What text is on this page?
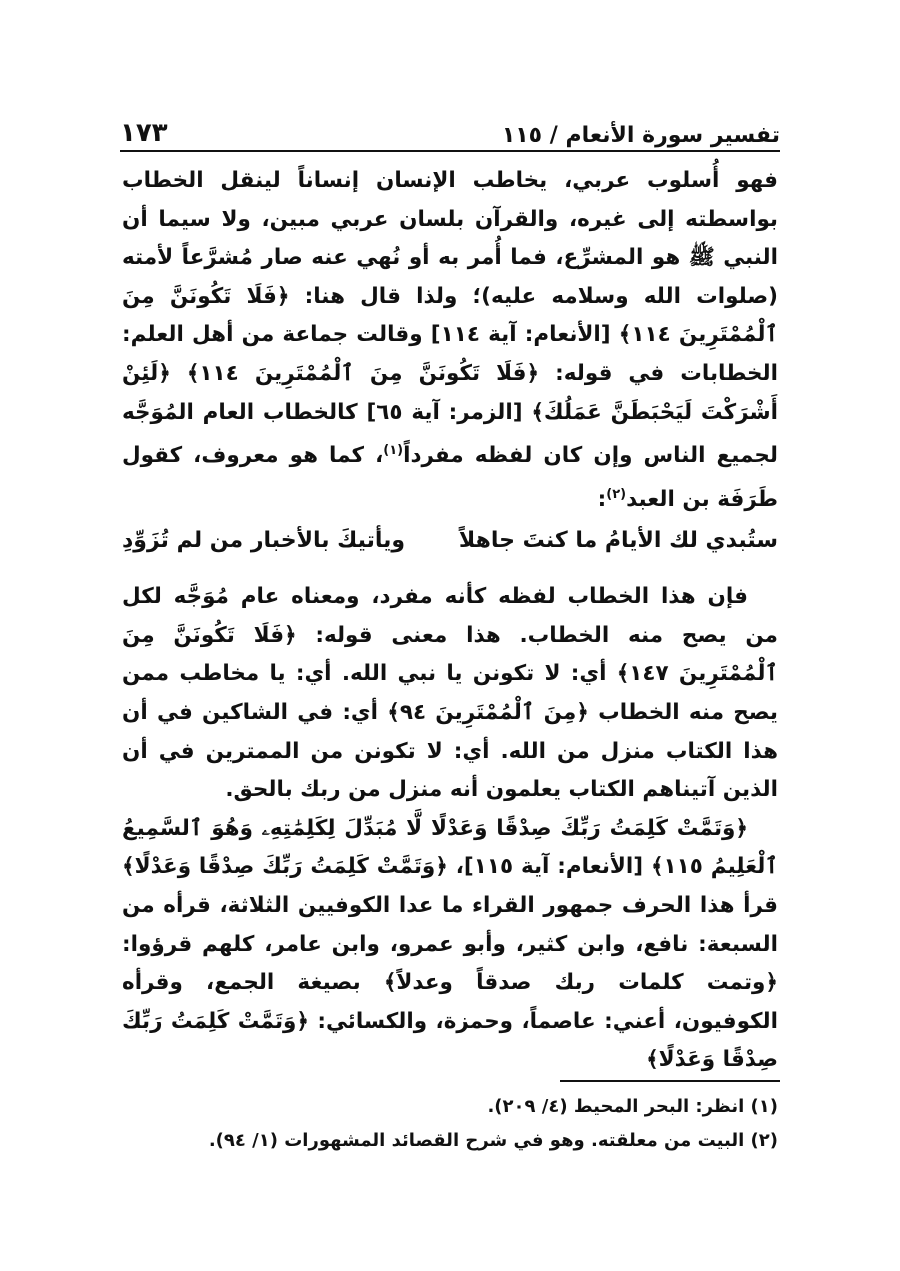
تفسير سورة الأنعام / ١١٥
١٧٣

فهو أُسلوب عربي، يخاطب الإنسان إنساناً لينقل الخطاب بواسطته إلى غيره، والقرآن بلسان عربي مبين، ولا سيما أن النبي ﷺ هو المشرِّع، فما أُمر به أو نُهي عنه صار مُشرَّعاً لأمته (صلوات الله وسلامه عليه)؛ ولذا قال هنا: ﴿فَلَا تَكُونَنَّ مِنَ ٱلْمُمْتَرِينَ ١١٤﴾ [الأنعام: آية ١١٤] وقالت جماعة من أهل العلم: الخطابات في قوله: ﴿فَلَا تَكُونَنَّ مِنَ ٱلْمُمْتَرِينَ ١١٤﴾ ﴿لَئِنْ أَشْرَكْتَ لَيَحْبَطَنَّ عَمَلُكَ﴾ [الزمر: آية ٦٥] كالخطاب العام المُوَجَّه لجميع الناس وإن كان لفظه مفرداً$^{(١)}$، كما هو معروف، كقول طَرَفَة بن العبد$^{(٢)}$:

ستُبدي لك الأيامُ ما كنتَ جاهلاً
ويأتيكَ بالأخبار من لم تُزَوِّدِ

فإن هذا الخطاب لفظه كأنه مفرد، ومعناه عام مُوَجَّه لكل من يصح منه الخطاب. هذا معنى قوله: ﴿فَلَا تَكُونَنَّ مِنَ ٱلْمُمْتَرِينَ ١٤٧﴾ أي: لا تكونن يا نبي الله. أي: يا مخاطب ممن يصح منه الخطاب ﴿مِنَ ٱلْمُمْتَرِينَ ٩٤﴾ أي: في الشاكين في أن هذا الكتاب منزل من الله. أي: لا تكونن من الممترين في أن الذين آتيناهم الكتاب يعلمون أنه منزل من ربك بالحق.

﴿وَتَمَّتْ كَلِمَتُ رَبِّكَ صِدْقًا وَعَدْلًا لَّا مُبَدِّلَ لِكَلِمَٰتِهِۦ وَهُوَ ٱلسَّمِيعُ ٱلْعَلِيمُ ١١٥﴾ [الأنعام: آية ١١٥]، ﴿وَتَمَّتْ كَلِمَتُ رَبِّكَ صِدْقًا وَعَدْلًا﴾ قرأ هذا الحرف جمهور القراء ما عدا الكوفيين الثلاثة، قرأه من السبعة: نافع، وابن كثير، وأبو عمرو، وابن عامر، كلهم قرؤوا: ﴿وتمت كلمات ربك صدقاً وعدلاً﴾ بصيغة الجمع، وقرأه الكوفيون، أعني: عاصماً، وحمزة، والكسائي: ﴿وَتَمَّتْ كَلِمَتُ رَبِّكَ صِدْقًا وَعَدْلًا﴾

(١) انظر: البحر المحيط (٤/ ٢٠٩).
(٢) البيت من معلقته. وهو في شرح القصائد المشهورات (١/ ٩٤).
